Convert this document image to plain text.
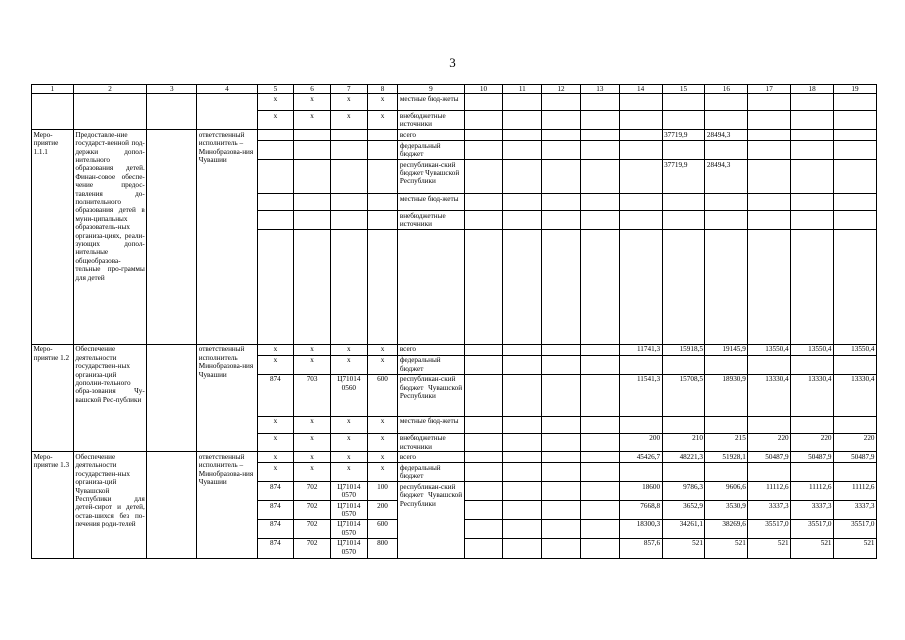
3
1	2	3	4	5	6	7	8	9	10	11	12	13	14	15	16	17	18	19
				х	х	х	х	местные бюд-жеты										
				х	х	х	х	внебюджетные источники										
Меро-приятие 1.1.1	Предоставле-ние государст-венной под-держки допол-нительного образования детей. Финан-совое обеспе-чение предос-тавления до-полнительного образования детей в муни-ципальных образователь-ных организа-циях, реали-зующих допол-нительные общеобразова-тельные про-граммы для детей		ответственный исполнитель – Минобразова-ния Чувашии					всего						37719,9	28494,3			
								федеральный бюджет										
								республикан-ский бюджет Чувашской Республики						37719,9	28494,3			
								местные бюд-жеты										
								внебюджетные источники										

Меро-приятие 1.2	Обеспечение деятельности государствен-ных организа-ций дополни-тельного обра-зования Чу-вашской Рес-публики		ответственный исполнитель Минобразова-ния Чувашии	х	х	х	х	всего					11741,3	15918,5	19145,9	13550,4	13550,4	13550,4
				х	х	х	х	федеральный бюджет										
				874	703	Ц71014 0560	600	республикан-ский бюджет Чувашской Республики					11541,3	15708,5	18930,9	13330,4	13330,4	13330,4
				х	х	х	х	местные бюд-жеты										
				х	х	х	х	внебюджетные источники					200	210	215	220	220	220
Меро-приятие 1.3	Обеспечение деятельности государствен-ных организа-ций Чувашской Республики для детей-сирот и детей, остав-шихся без по-печения роди-телей		ответственный исполнитель – Минобразова-ния Чувашии	х	х	х	х	всего					45426,7	48221,3	51928,1	50487,9	50487,9	50487,9
				х	х	х	х	федеральный бюджет										
				874	702	Ц71014 0570	100	республикан-ский бюджет Чувашской Республики					18600	9786,3	9606,6	11112,6	11112,6	11112,6
				874	702	Ц71014 0570	200						7668,8	3652,9	3530,9	3337,3	3337,3	3337,3
				874	702	Ц71014 0570	600						18300,3	34261,1	38269,6	35517,0	35517,0	35517,0
				874	702	Ц71014 0570	800						857,6	521	521	521	521	521
